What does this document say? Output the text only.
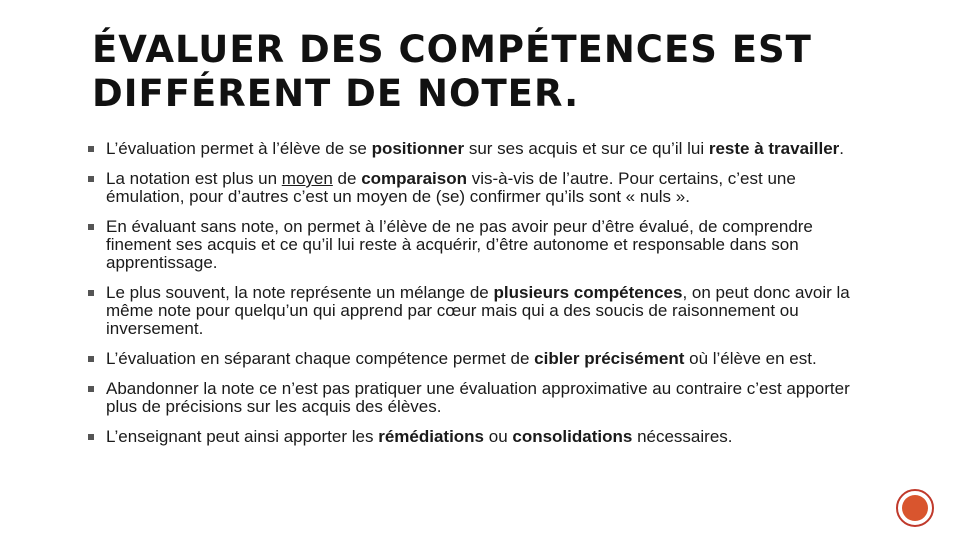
ÉVALUER DES COMPÉTENCES EST DIFFÉRENT DE NOTER.
L’évaluation permet à l’élève de se positionner sur ses acquis et sur ce qu’il lui reste à travailler.
La notation est plus un moyen de comparaison vis-à-vis de l’autre. Pour certains, c’est une émulation, pour d’autres c’est un moyen de (se) confirmer qu’ils sont « nuls ».
En évaluant sans note, on permet à l’élève de ne pas avoir peur d’être évalué, de comprendre finement ses acquis et ce qu’il lui reste à acquérir, d’être autonome et responsable dans son apprentissage.
Le plus souvent, la note représente un mélange de plusieurs compétences, on peut donc avoir la même note pour quelqu’un qui apprend par cœur mais qui a des soucis de raisonnement ou inversement.
L’évaluation en séparant chaque compétence permet de cibler précisément où l’élève en est.
Abandonner la note ce n’est pas pratiquer une évaluation approximative au contraire c’est apporter plus de précisions sur les acquis des élèves.
L’enseignant peut ainsi apporter les rémédiations ou consolidations nécessaires.
